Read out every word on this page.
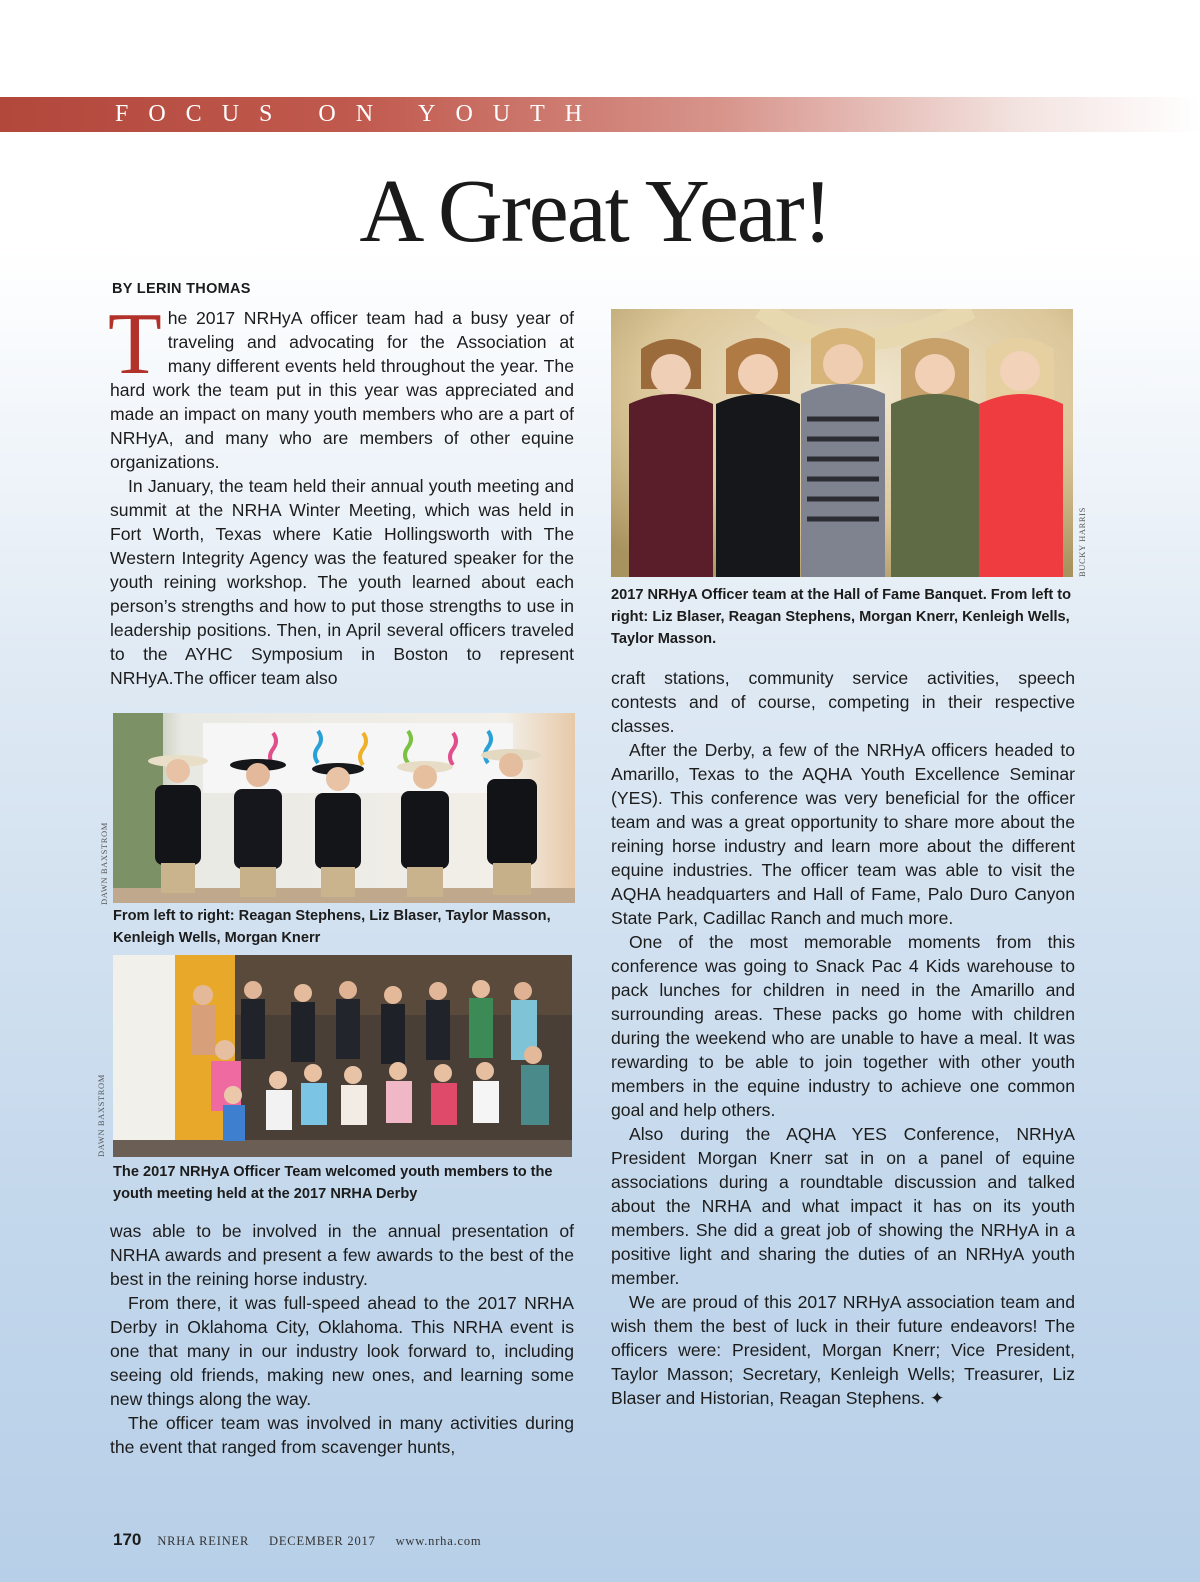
FOCUS ON YOUTH
A Great Year!
BY LERIN THOMAS

The 2017 NRHyA officer team had a busy year of traveling and advocating for the Association at many different events held throughout the year. The hard work the team put in this year was appreciated and made an impact on many youth members who are a part of NRHyA, and many who are members of other equine organizations.

In January, the team held their annual youth meeting and summit at the NRHA Winter Meeting, which was held in Fort Worth, Texas where Katie Hollingsworth with The Western Integrity Agency was the featured speaker for the youth reining workshop. The youth learned about each person’s strengths and how to put those strengths to use in leadership positions. Then, in April several officers traveled to the AYHC Symposium in Boston to represent NRHyA.The officer team also

DAWN BAXSTROM
From left to right: Reagan Stephens, Liz Blaser, Taylor Masson, Kenleigh Wells, Morgan Knerr
DAWN BAXSTROM
The 2017 NRHyA Officer Team welcomed youth members to the youth meeting held at the 2017 NRHA Derby

was able to be involved in the annual presentation of NRHA awards and present a few awards to the best of the best in the reining horse industry.

From there, it was full-speed ahead to the 2017 NRHA Derby in Oklahoma City, Oklahoma. This NRHA event is one that many in our industry look forward to, including seeing old friends, making new ones, and learning some new things along the way.

The officer team was involved in many activities during the event that ranged from scavenger hunts,

BUCKY HARRIS
2017 NRHyA Officer team at the Hall of Fame Banquet. From left to right: Liz Blaser, Reagan Stephens, Morgan Knerr, Kenleigh Wells, Taylor Masson.

craft stations, community service activities, speech contests and of course, competing in their respective classes.

After the Derby, a few of the NRHyA officers headed to Amarillo, Texas to the AQHA Youth Excellence Seminar (YES). This conference was very beneficial for the officer team and was a great opportunity to share more about the reining horse industry and learn more about the different equine industries. The officer team was able to visit the AQHA headquarters and Hall of Fame, Palo Duro Canyon State Park, Cadillac Ranch and much more.

One of the most memorable moments from this conference was going to Snack Pac 4 Kids warehouse to pack lunches for children in need in the Amarillo and surrounding areas. These packs go home with children during the weekend who are unable to have a meal. It was rewarding to be able to join together with other youth members in the equine industry to achieve one common goal and help others.

Also during the AQHA YES Conference, NRHyA President Morgan Knerr sat in on a panel of equine associations during a roundtable discussion and talked about the NRHA and what impact it has on its youth members. She did a great job of showing the NRHyA in a positive light and sharing the duties of an NRHyA youth member.

We are proud of this 2017 NRHyA association team and wish them the best of luck in their future endeavors! The officers were: President, Morgan Knerr; Vice President, Taylor Masson; Secretary, Kenleigh Wells; Treasurer, Liz Blaser and Historian, Reagan Stephens. ✦

170 NRHA REINER DECEMBER 2017 www.nrha.com
